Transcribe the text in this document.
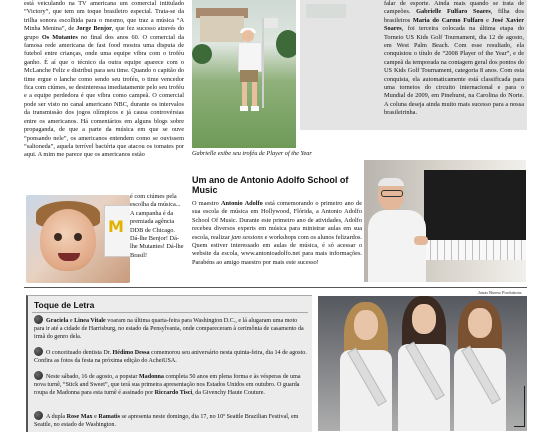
está veiculando na TV americana um comercial intitulado “Victory”, que tem um toque brasileiro especial. Trata-se da trilha sonora escolhida para o mesmo, que traz a música “A Minha Menina”, de Jorge Benjor, que fez sucesso através do grupo Os Mutantes no final dos anos 60. O comercial da famosa rede americana de fast food mostra uma disputa de futebol entre crianças, onde uma equipe vibra com o troféu ganho. É aí que o técnico da outra equipe aparece com o McLanche Feliz e distribui para seu time. Quando o capitão do time ergue o lanche como sendo seu troféu, o time vencedor fica com ciúmes, se desinteressa imediatamente pelo seu troféu e a equipe perdedora é que vibra como campeã. O comercial pode ser visto no canal americano NBC, durante os intervalos da transmissão dos jogos olímpicos e já causa controvérsias entre os americanos. Há comentários em alguns blogs sobre propaganda, de que a parte da música em que se ouve “ponsando nele”, os americanos entendem como se ouvissem “saltoneda”, aquela terrível bactéria que atacou os tomates por aqui. A mim me parece que os americanos estão

M
é com ciúmes pela escolha da música... A campanha é da premiada agência DDB de Chicago. Dá-lhe Benjor! Dá-lhe Mutantes! Dá-lhe Brasil!
Gabrielle exibe seu troféu de Player of the Year
falar de esporte. Ainda mais quando se trata de campeões. Gabrielle Fulfaro Soares, filha dos brasileiros Maria do Carmo Fulfaro e José Xavier Soares, foi terceira colocada na última etapa do Torneio US Kids Golf Tournament, dia 12 de agosto, em West Palm Beach. Com esse resultado, ela conquistou o título de “2008 Player of the Year”, e de campeã da temporada na contagem geral dos pontos do US Kids Golf Tournament, categoria 8 anos. Com esta conquista, ela automaticamente está classificada para uma torneios do circuito internacional e para o Mundial de 2009, em Pinehurst, na Carolina do Norte. A coluna deseja ainda muito mais sucesso para a nossa brasileirinha.
Um ano de Antonio Adolfo School of Music
O maestro Antonio Adolfo está comemorando o primeiro ano de sua escola de música em Hollywood, Flórida, a Antonio Adolfo School Of Music. Durante este primeiro ano de atividades, Adolfo recebeu diversos experts em música para ministrar aulas em sua escola, realizar jam sessions e workshops com os alunos felizardos. Quem estiver interessado em aulas de música, é só acessar o website da escola, www.antonioadolfo.net para mais informações. Parabéns ao amigo maestro por mais este sucesso!
Jonas Bueno Produtions
Toque de Letra
Graciela e Linea Vitale voaram na última quarta-feira para Washington D.C., e lá alugaram uma moto para ir até a cidade de Harrisburg, no estado da Pensylvania, onde compareceram à cerimônia de casamento da irmã do genro dela.
O conceituado dentista Dr. Hédimo Dessa comemorou seu aniversário nesta quinta-feira, dia 14 de agosto. Confira as fotos da festa na próxima edição do AcheiUSA.
Neste sábado, 16 de agosto, a popstar Madonna completa 50 anos em plena forma e às vésperas de uma nova turnê, “Stick and Sweet”, que terá sua primeira apresentação nos Estados Unidos em outubro. O guarda roupa de Madonna para esta turnê é assinado por Riccardo Tisci, da Givenchy Haute Couture.
A dupla Rose Max e Ramatis se apresenta neste domingo, dia 17, no 10º Seattle Brazilian Festival, em Seattle, no estado de Washington.
